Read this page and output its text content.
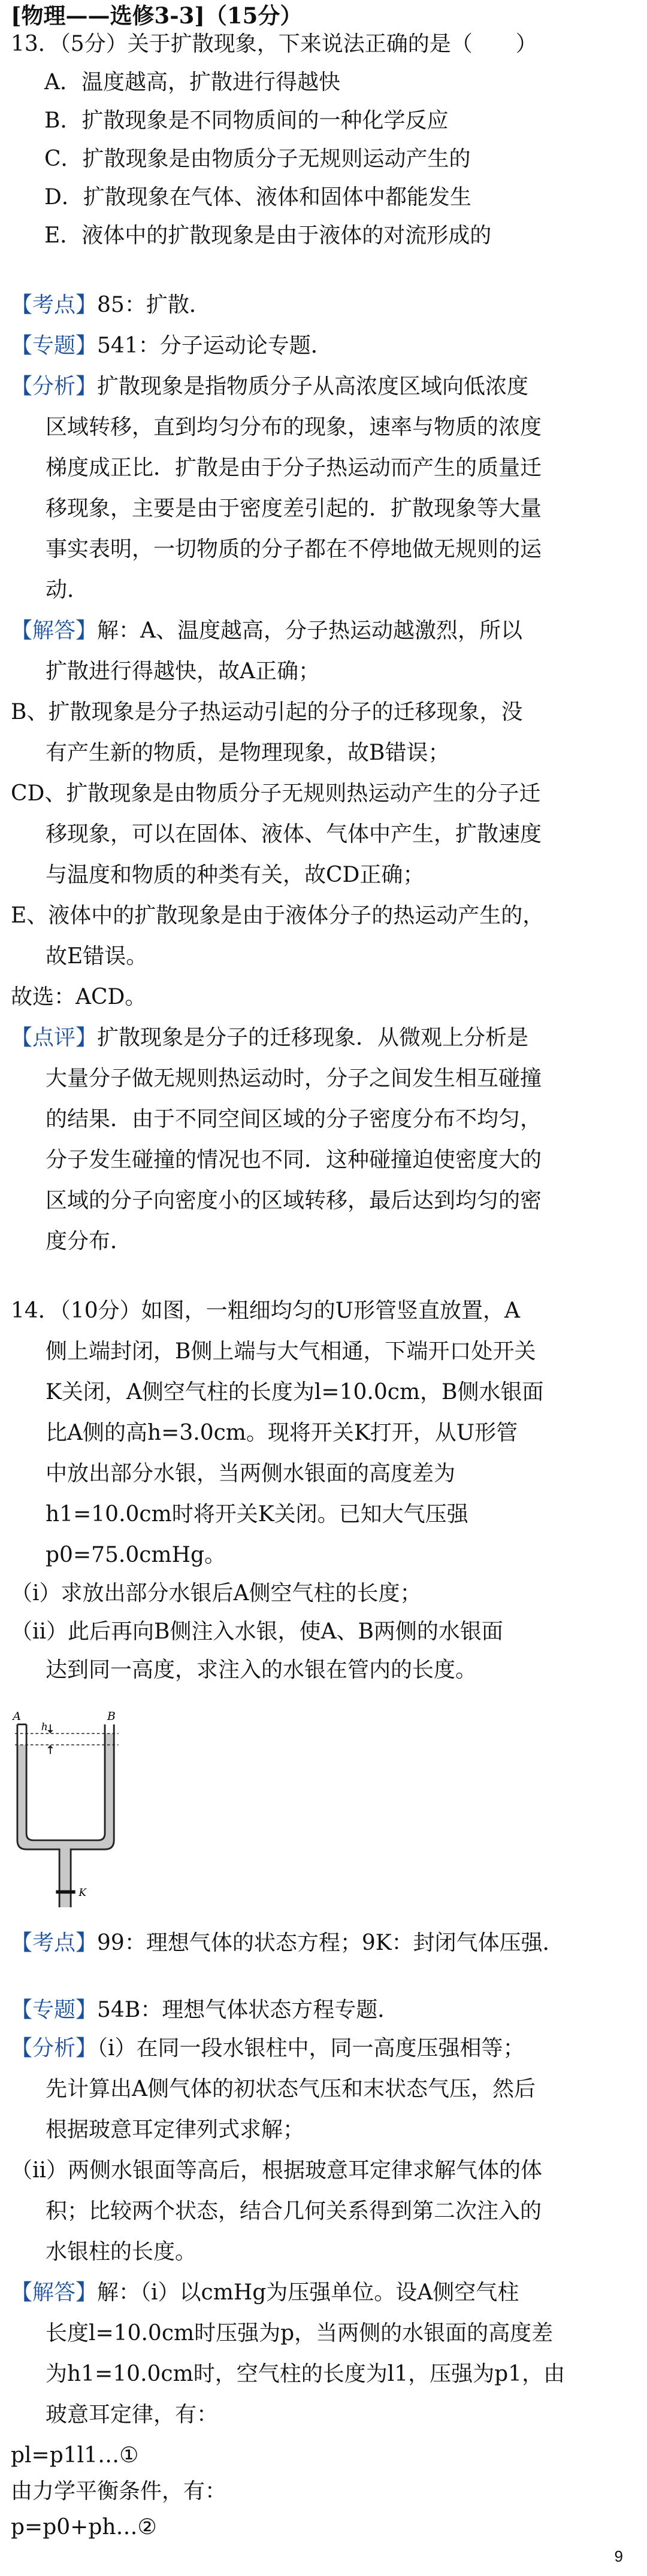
[物理——选修3-3]（15分）
13．（5分）关于扩散现象，下来说法正确的是（　　）
A．温度越高，扩散进行得越快
B．扩散现象是不同物质间的一种化学反应
C．扩散现象是由物质分子无规则运动产生的
D．扩散现象在气体、液体和固体中都能发生
E．液体中的扩散现象是由于液体的对流形成的
【考点】85：扩散．
【专题】541：分子运动论专题．
【分析】扩散现象是指物质分子从高浓度区域向低浓度
区域转移，直到均匀分布的现象，速率与物质的浓度
梯度成正比．扩散是由于分子热运动而产生的质量迁
移现象，主要是由于密度差引起的．扩散现象等大量
事实表明，一切物质的分子都在不停地做无规则的运
动．
【解答】解：A、温度越高，分子热运动越激烈，所以
扩散进行得越快，故A正确；
B、扩散现象是分子热运动引起的分子的迁移现象，没
有产生新的物质，是物理现象，故B错误；
CD、扩散现象是由物质分子无规则热运动产生的分子迁
移现象，可以在固体、液体、气体中产生，扩散速度
与温度和物质的种类有关，故CD正确；
E、液体中的扩散现象是由于液体分子的热运动产生的，
故E错误。
故选：ACD。
【点评】扩散现象是分子的迁移现象．从微观上分析是
大量分子做无规则热运动时，分子之间发生相互碰撞
的结果．由于不同空间区域的分子密度分布不均匀，
分子发生碰撞的情况也不同．这种碰撞迫使密度大的
区域的分子向密度小的区域转移，最后达到均匀的密
度分布．
14．（10分）如图，一粗细均匀的U形管竖直放置，A
侧上端封闭，B侧上端与大气相通，下端开口处开关
K关闭，A侧空气柱的长度为l=10.0cm，B侧水银面
比A侧的高h=3.0cm。现将开关K打开，从U形管
中放出部分水银，当两侧水银面的高度差为
h1=10.0cm时将开关K关闭。已知大气压强
p0=75.0cmHg。
（i）求放出部分水银后A侧空气柱的长度；
（ii）此后再向B侧注入水银，使A、B两侧的水银面
达到同一高度，求注入的水银在管内的长度。
A	B
h
K
【考点】99：理想气体的状态方程；9K：封闭气体压强．
【专题】54B：理想气体状态方程专题．
【分析】（i）在同一段水银柱中，同一高度压强相等；
先计算出A侧气体的初状态气压和末状态气压，然后
根据玻意耳定律列式求解；
（ii）两侧水银面等高后，根据玻意耳定律求解气体的体
积；比较两个状态，结合几何关系得到第二次注入的
水银柱的长度。
【解答】解：（i）以cmHg为压强单位。设A侧空气柱
长度l=10.0cm时压强为p，当两侧的水银面的高度差
为h1=10.0cm时，空气柱的长度为l1，压强为p1，由
玻意耳定律，有：
pl=p1l1…①
由力学平衡条件，有：
p=p0+ph…②
9
